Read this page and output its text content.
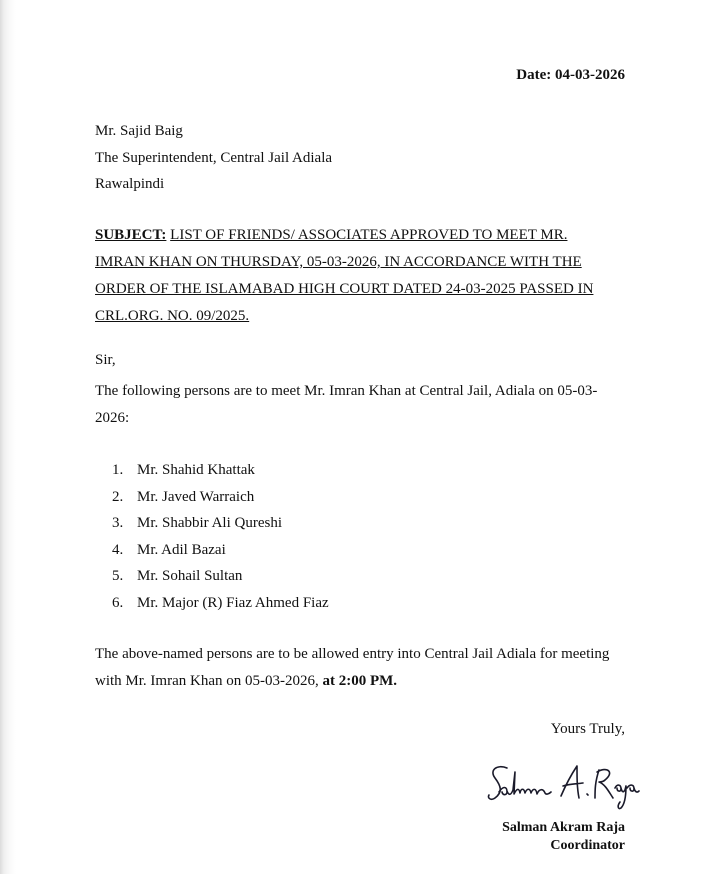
Date: 04-03-2026
Mr. Sajid Baig
The Superintendent, Central Jail Adiala
Rawalpindi
SUBJECT: LIST OF FRIENDS/ ASSOCIATES APPROVED TO MEET MR. IMRAN KHAN ON THURSDAY, 05-03-2026, IN ACCORDANCE WITH THE ORDER OF THE ISLAMABAD HIGH COURT DATED 24-03-2025 PASSED IN CRL.ORG. NO. 09/2025.
Sir,
The following persons are to meet Mr. Imran Khan at Central Jail, Adiala on 05-03-2026:
1. Mr. Shahid Khattak
2. Mr. Javed Warraich
3. Mr. Shabbir Ali Qureshi
4. Mr. Adil Bazai
5. Mr. Sohail Sultan
6. Mr. Major (R) Fiaz Ahmed Fiaz
The above-named persons are to be allowed entry into Central Jail Adiala for meeting with Mr. Imran Khan on 05-03-2026, at 2:00 PM.
Yours Truly,
Salman Akram Raja
Coordinator
